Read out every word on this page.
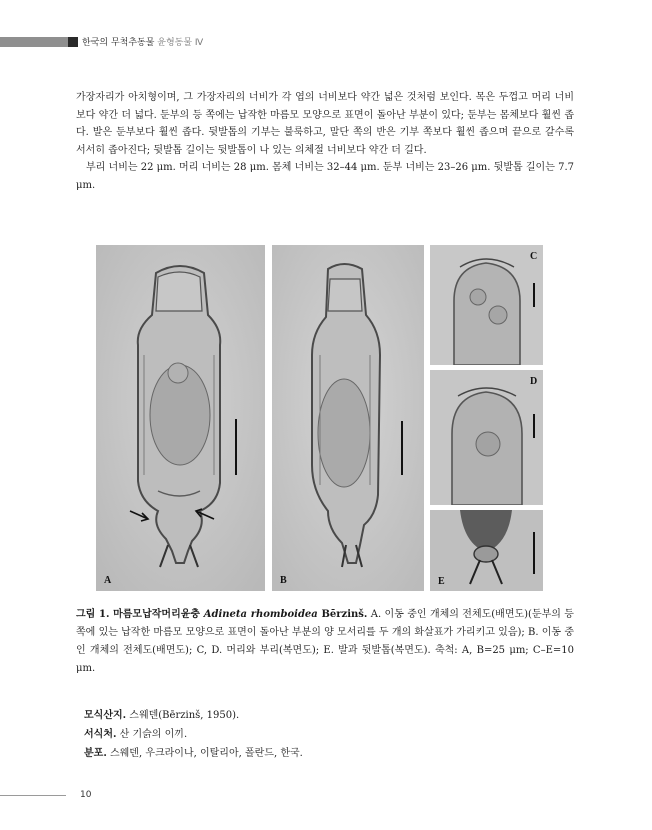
한국의 무척추동물 윤형동물 Ⅳ

가장자리가 아치형이며, 그 가장자리의 너비가 각 엽의 너비보다 약간 넓은 것처럼 보인다. 목은 두껍고 머리 너비보다 약간 더 넓다. 둔부의 등 쪽에는 납작한 마름모 모양으로 표면이 돌아난 부분이 있다; 둔부는 몸체보다 훨씬 좁다. 발은 둔부보다 훨씬 좁다. 뒷발톱의 기부는 불룩하고, 말단 쪽의 반은 기부 쪽보다 훨씬 좁으며 끝으로 갈수록 서서히 좁아진다; 뒷발톱 길이는 뒷발톱이 나 있는 의체절 너비보다 약간 더 길다.

부리 너비는 22 μm. 머리 너비는 28 μm. 몸체 너비는 32–44 μm. 둔부 너비는 23–26 μm. 뒷발톱 길이는 7.7 μm.

A	B
C
D
E

그림 1. 마름모납작머리윤충 Adineta rhomboidea Bērzinš. A. 이동 중인 개체의 전체도(배면도)(둔부의 등 쪽에 있는 납작한 마름모 모양으로 표면이 돌아난 부분의 양 모서리를 두 개의 화살표가 가리키고 있음); B. 이동 중인 개체의 전체도(배면도); C, D. 머리와 부리(복면도); E. 발과 뒷발톱(복면도). 축척: A, B=25 μm; C–E=10 μm.

모식산지. 스웨덴(Bērzinš, 1950).

서식처. 산 기슭의 이끼.

분포. 스웨덴, 우크라이나, 이탈리아, 폴란드, 한국.

10
